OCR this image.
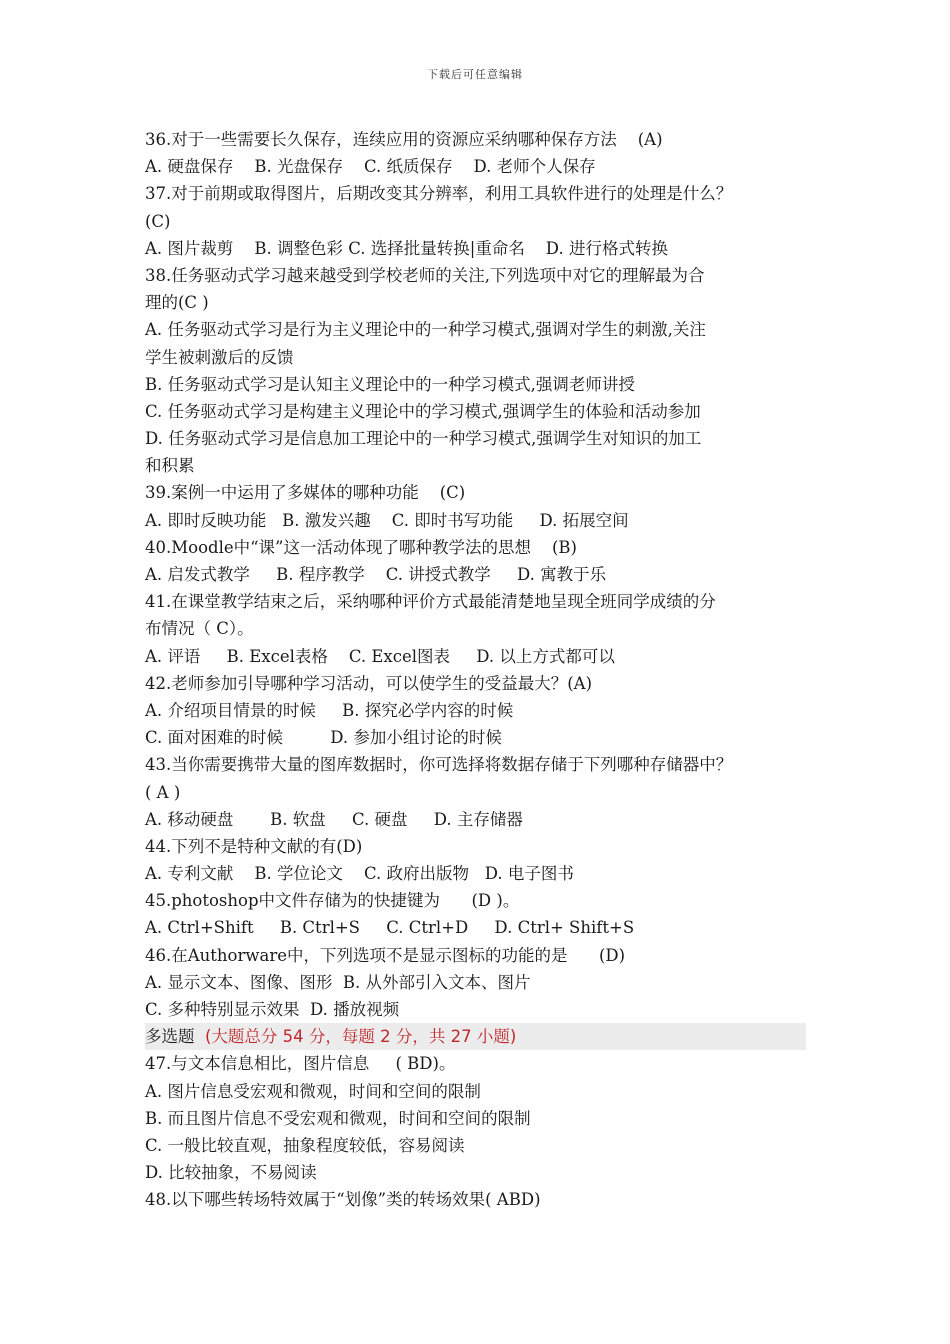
下载后可任意编辑
36.对于一些需要长久保存，连续应用的资源应采纳哪种保存方法    (A)
A. 硬盘保存    B. 光盘保存    C. 纸质保存    D. 老师个人保存
37.对于前期或取得图片，后期改变其分辨率，利用工具软件进行的处理是什么？
(C)
A. 图片裁剪    B. 调整色彩 C. 选择批量转换|重命名    D. 进行格式转换
38.任务驱动式学习越来越受到学校老师的关注,下列选项中对它的理解最为合
理的(C )
A. 任务驱动式学习是行为主义理论中的一种学习模式,强调对学生的刺激,关注
学生被刺激后的反馈
B. 任务驱动式学习是认知主义理论中的一种学习模式,强调老师讲授
C. 任务驱动式学习是构建主义理论中的学习模式,强调学生的体验和活动参加
D. 任务驱动式学习是信息加工理论中的一种学习模式,强调学生对知识的加工
和积累
39.案例一中运用了多媒体的哪种功能    (C)
A. 即时反映功能   B. 激发兴趣    C. 即时书写功能     D. 拓展空间
40.Moodle中“课”这一活动体现了哪种教学法的思想    (B)
A. 启发式教学     B. 程序教学    C. 讲授式教学     D. 寓教于乐
41.在课堂教学结束之后，采纳哪种评价方式最能清楚地呈现全班同学成绩的分
布情况（ C）。
A. 评语     B. Excel表格    C. Excel图表     D. 以上方式都可以
42.老师参加引导哪种学习活动，可以使学生的受益最大？(A)
A. 介绍项目情景的时候     B. 探究必学内容的时候
C. 面对困难的时候         D. 参加小组讨论的时候
43.当你需要携带大量的图库数据时，你可选择将数据存储于下列哪种存储器中？
( A )
A. 移动硬盘       B. 软盘     C. 硬盘     D. 主存储器
44.下列不是特种文献的有(D)
A. 专利文献    B. 学位论文    C. 政府出版物   D. 电子图书
45.photoshop中文件存储为的快捷键为      (D )。
A. Ctrl+Shift     B. Ctrl+S     C. Ctrl+D     D. Ctrl+ Shift+S
46.在Authorware中，下列选项不是显示图标的功能的是      (D)
A. 显示文本、图像、图形  B. 从外部引入文本、图片
C. 多种特别显示效果  D. 播放视频
多选题  (大题总分 54 分，每题 2 分，共 27 小题)
47.与文本信息相比，图片信息     ( BD)。
A. 图片信息受宏观和微观，时间和空间的限制
B. 而且图片信息不受宏观和微观，时间和空间的限制
C. 一般比较直观，抽象程度较低，容易阅读
D. 比较抽象，不易阅读
48.以下哪些转场特效属于“划像”类的转场效果( ABD)
